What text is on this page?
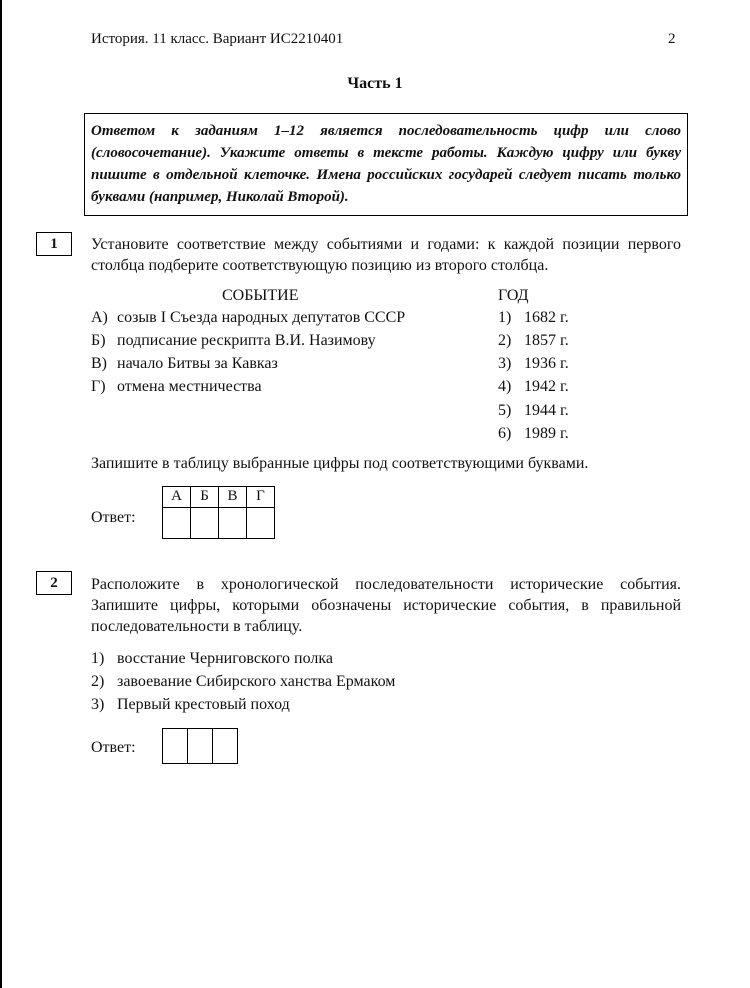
История. 11 класс. Вариант ИС2210401	2
Часть 1
Ответом к заданиям 1–12 является последовательность цифр или слово (словосочетание). Укажите ответы в тексте работы. Каждую цифру или букву пишите в отдельной клеточке. Имена российских государей следует писать только буквами (например, Николай Второй).
1	Установите соответствие между событиями и годами: к каждой позиции первого столбца подберите соответствующую позицию из второго столбца.
СОБЫТИЕ	ГОД
А) созыв I Съезда народных депутатов СССР
Б) подписание рескрипта В.И. Назимову
В) начало Битвы за Кавказ
Г) отмена местничества
1) 1682 г.
2) 1857 г.
3) 1936 г.
4) 1942 г.
5) 1944 г.
6) 1989 г.
Запишите в таблицу выбранные цифры под соответствующими буквами.
Ответ:
А	Б	В	Г

2	Расположите в хронологической последовательности исторические события. Запишите цифры, которыми обозначены исторические события, в правильной последовательности в таблицу.
1) восстание Черниговского полка
2) завоевание Сибирского ханства Ермаком
3) Первый крестовый поход
Ответ:
